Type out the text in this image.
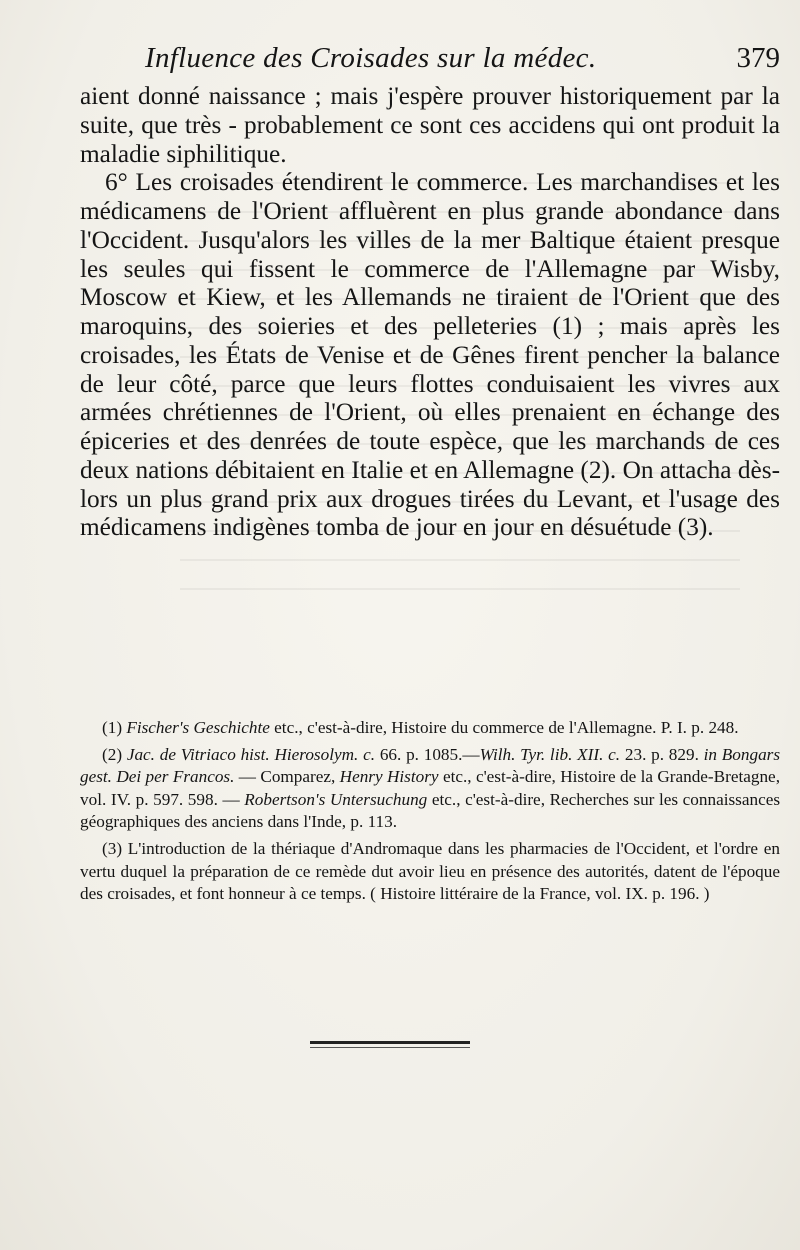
Influence des Croisades sur la médec.	379

aient donné naissance ; mais j'espère prouver historiquement par la suite, que très - probablement ce sont ces accidens qui ont produit la maladie siphilitique.

6° Les croisades étendirent le commerce. Les marchandises et les médicamens de l'Orient affluèrent en plus grande abondance dans l'Occident. Jusqu'alors les villes de la mer Baltique étaient presque les seules qui fissent le commerce de l'Allemagne par Wisby, Moscow et Kiew, et les Allemands ne tiraient de l'Orient que des maroquins, des soieries et des pelleteries (1) ; mais après les croisades, les États de Venise et de Gênes firent pencher la balance de leur côté, parce que leurs flottes conduisaient les vivres aux armées chrétiennes de l'Orient, où elles prenaient en échange des épiceries et des denrées de toute espèce, que les marchands de ces deux nations débitaient en Italie et en Allemagne (2). On attacha dès-lors un plus grand prix aux drogues tirées du Levant, et l'usage des médicamens indigènes tomba de jour en jour en désuétude (3).

(1) Fischer's Geschichte etc., c'est-à-dire, Histoire du commerce de l'Allemagne. P. I. p. 248.

(2) Jac. de Vitriaco hist. Hierosolym. c. 66. p. 1085.—Wilh. Tyr. lib. XII. c. 23. p. 829. in Bongars gest. Dei per Francos. — Comparez, Henry History etc., c'est-à-dire, Histoire de la Grande-Bretagne, vol. IV. p. 597. 598. — Robertson's Untersuchung etc., c'est-à-dire, Recherches sur les connaissances géographiques des anciens dans l'Inde, p. 113.

(3) L'introduction de la thériaque d'Andromaque dans les pharmacies de l'Occident, et l'ordre en vertu duquel la préparation de ce remède dut avoir lieu en présence des autorités, datent de l'époque des croisades, et font honneur à ce temps. ( Histoire littéraire de la France, vol. IX. p. 196. )
